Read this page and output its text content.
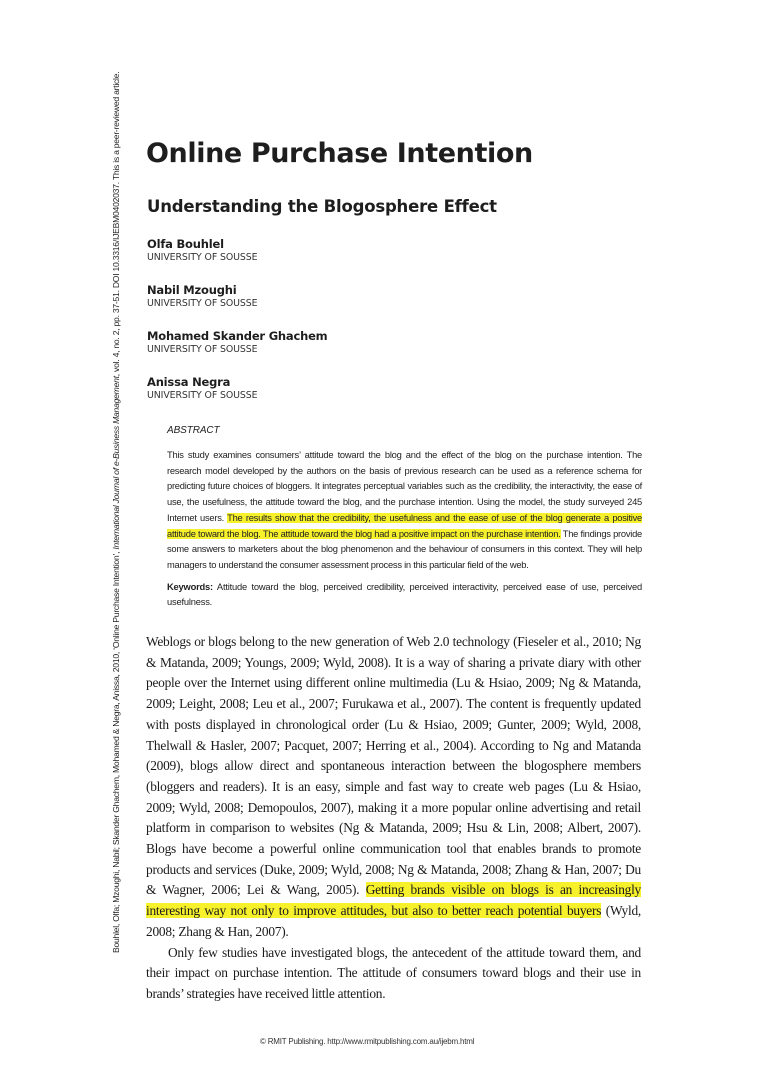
Bouhlel, Olfa; Mzoughi, Nabil; Skander Ghachem, Mohamed & Negra, Anissa, 2010, ‘Online Purchase Intention’, International Journal of e-Business Management, vol. 4, no. 2, pp. 37-51. DOI 10.3316/IJEBM0402037. This is a peer-reviewed article. Online Purchase Intention
Understanding the Blogosphere Effect
Olfa Bouhlel
UNIVERSITY OF SOUSSE
Nabil Mzoughi
UNIVERSITY OF SOUSSE
Mohamed Skander Ghachem
UNIVERSITY OF SOUSSE
Anissa Negra
UNIVERSITY OF SOUSSE
ABSTRACT
This study examines consumers’ attitude toward the blog and the effect of the blog on the purchase intention. The research model developed by the authors on the basis of previous research can be used as a reference schema for predicting future choices of bloggers. It integrates perceptual variables such as the credibility, the interactivity, the ease of use, the usefulness, the attitude toward the blog, and the purchase intention. Using the model, the study surveyed 245 Internet users. The results show that the credibility, the usefulness and the ease of use of the blog generate a positive attitude toward the blog. The attitude toward the blog had a positive impact on the purchase intention. The findings provide some answers to marketers about the blog phenomenon and the behaviour of consumers in this context. They will help managers to understand the consumer assessment process in this particular field of the web.
Keywords: Attitude toward the blog, perceived credibility, perceived interactivity, perceived ease of use, perceived usefulness.

Weblogs or blogs belong to the new generation of Web 2.0 technology (Fieseler et al., 2010; Ng & Matanda, 2009; Youngs, 2009; Wyld, 2008). It is a way of sharing a private diary with other people over the Internet using different online multimedia (Lu & Hsiao, 2009; Ng & Matanda, 2009; Leight, 2008; Leu et al., 2007; Furukawa et al., 2007). The content is frequently updated with posts displayed in chronological order (Lu & Hsiao, 2009; Gunter, 2009; Wyld, 2008, Thelwall & Hasler, 2007; Pacquet, 2007; Herring et al., 2004). According to Ng and Matanda (2009), blogs allow direct and spontaneous interaction between the blogosphere members (bloggers and readers). It is an easy, simple and fast way to create web pages (Lu & Hsiao, 2009; Wyld, 2008; Demopoulos, 2007), making it a more popular online advertising and retail platform in comparison to websites (Ng & Matanda, 2009; Hsu & Lin, 2008; Albert, 2007). Blogs have become a powerful online communication tool that enables brands to promote products and services (Duke, 2009; Wyld, 2008; Ng & Matanda, 2008; Zhang & Han, 2007; Du & Wagner, 2006; Lei & Wang, 2005). Getting brands visible on blogs is an increasingly interesting way not only to improve attitudes, but also to better reach potential buyers (Wyld, 2008; Zhang & Han, 2007).

Only few studies have investigated blogs, the antecedent of the attitude toward them, and their impact on purchase intention. The attitude of consumers toward blogs and their use in brands’ strategies have received little attention.

© RMIT Publishing. http://www.rmitpublishing.com.au/ijebm.html
